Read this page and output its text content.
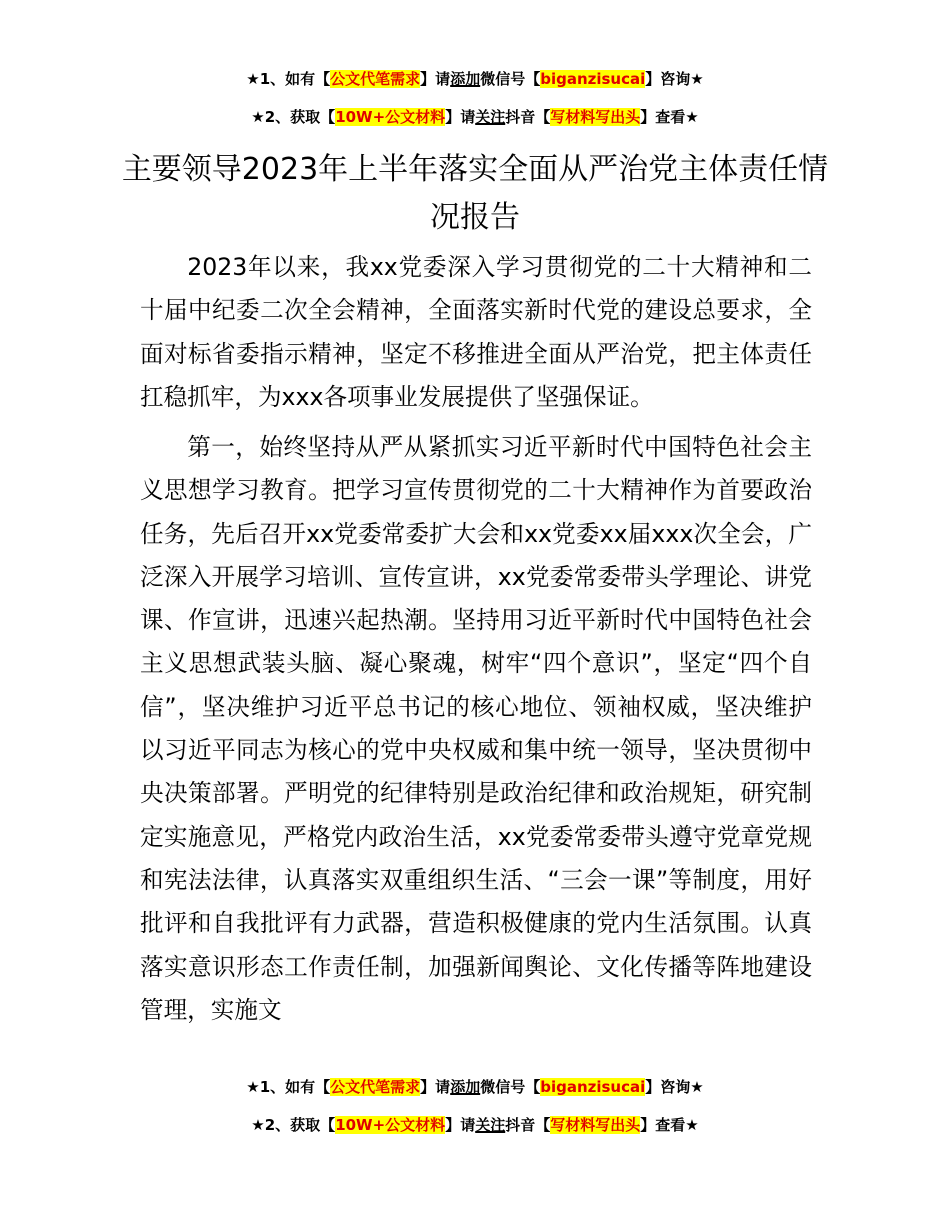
★1、如有【公文代笔需求】请添加微信号【biganzisucai】咨询★
★2、获取【10W+公文材料】请关注抖音【写材料写出头】查看★
主要领导2023年上半年落实全面从严治党主体责任情况报告

2023年以来，我xx党委深入学习贯彻党的二十大精神和二十届中纪委二次全会精神，全面落实新时代党的建设总要求，全面对标省委指示精神，坚定不移推进全面从严治党，把主体责任扛稳抓牢，为xxx各项事业发展提供了坚强保证。

第一，始终坚持从严从紧抓实习近平新时代中国特色社会主义思想学习教育。把学习宣传贯彻党的二十大精神作为首要政治任务，先后召开xx党委常委扩大会和xx党委xx届xxx次全会，广泛深入开展学习培训、宣传宣讲，xx党委常委带头学理论、讲党课、作宣讲，迅速兴起热潮。坚持用习近平新时代中国特色社会主义思想武装头脑、凝心聚魂，树牢“四个意识”，坚定“四个自信”，坚决维护习近平总书记的核心地位、领袖权威，坚决维护以习近平同志为核心的党中央权威和集中统一领导，坚决贯彻中央决策部署。严明党的纪律特别是政治纪律和政治规矩，研究制定实施意见，严格党内政治生活，xx党委常委带头遵守党章党规和宪法法律，认真落实双重组织生活、“三会一课”等制度，用好批评和自我批评有力武器，营造积极健康的党内生活氛围。认真落实意识形态工作责任制，加强新闻舆论、文化传播等阵地建设管理，实施文

★1、如有【公文代笔需求】请添加微信号【biganzisucai】咨询★
★2、获取【10W+公文材料】请关注抖音【写材料写出头】查看★
